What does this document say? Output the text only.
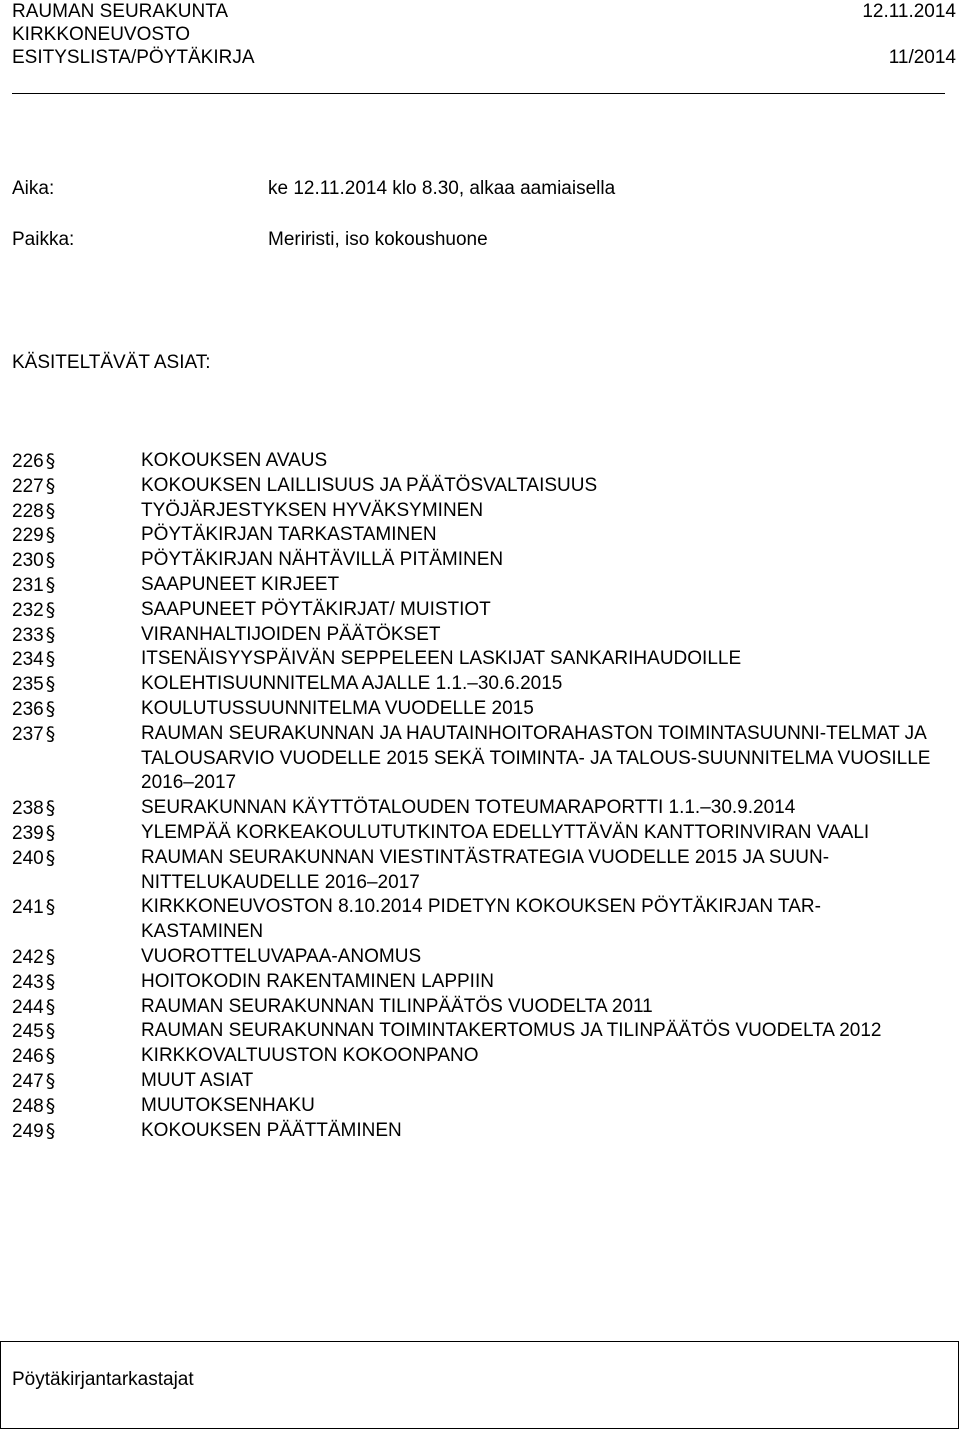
RAUMAN SEURAKUNTA	12.11.2014
KIRKKONEUVOSTO
ESITYSLISTA/PÖYTÄKIRJA	11/2014
Aika:	ke 12.11.2014 klo 8.30, alkaa aamiaisella
Paikka:	Meriristi, iso kokoushuone
KÄSITELTÄVÄT ASIAT:
226 §	KOKOUKSEN AVAUS
227 §	KOKOUKSEN LAILLISUUS JA PÄÄTÖSVALTAISUUS
228 §	TYÖJÄRJESTYKSEN HYVÄKSYMINEN
229 §	PÖYTÄKIRJAN TARKASTAMINEN
230 §	PÖYTÄKIRJAN NÄHTÄVILLÄ PITÄMINEN
231 §	SAAPUNEET KIRJEET
232 §	SAAPUNEET PÖYTÄKIRJAT/ MUISTIOT
233 §	VIRANHALTIJOIDEN PÄÄTÖKSET
234 §	ITSENÄISYYSPÄIVÄN SEPPELEEN LASKIJAT SANKARIHAUDOILLE
235 §	KOLEHTISUUNNITELMA AJALLE 1.1.–30.6.2015
236 §	KOULUTUSSUUNNITELMA VUODELLE 2015
237 §	RAUMAN SEURAKUNNAN JA HAUTAINHOITORAHASTON TOIMINTASUUNNI-TELMAT JA TALOUSARVIO VUODELLE 2015 SEKÄ TOIMINTA- JA TALOUS-SUUNNITELMA VUOSILLE 2016–2017
238 §	SEURAKUNNAN KÄYTTÖTALOUDEN TOTEUMARAPORTTI 1.1.–30.9.2014
239 §	YLEMPÄÄ KORKEAKOULUTUTKINTOA EDELLYTTÄVÄN KANTTORINVIRAN VAALI
240 §	RAUMAN SEURAKUNNAN VIESTINTÄSTRATEGIA VUODELLE 2015 JA SUUN-NITTELUKAUDELLE 2016–2017
241 §	KIRKKONEUVOSTON 8.10.2014 PIDETYN KOKOUKSEN PÖYTÄKIRJAN TAR-KASTAMINEN
242 §	VUOROTTELUVAPAA-ANOMUS
243 §	HOITOKODIN RAKENTAMINEN LAPPIIN
244 §	RAUMAN SEURAKUNNAN TILINPÄÄTÖS VUODELTA 2011
245 §	RAUMAN SEURAKUNNAN TOIMINTAKERTOMUS JA TILINPÄÄTÖS VUODELTA 2012
246 §	KIRKKOVALTUUSTON KOKOONPANO
247 §	MUUT ASIAT
248 §	MUUTOKSENHAKU
249 §	KOKOUKSEN PÄÄTTÄMINEN
Pöytäkirjantarkastajat
